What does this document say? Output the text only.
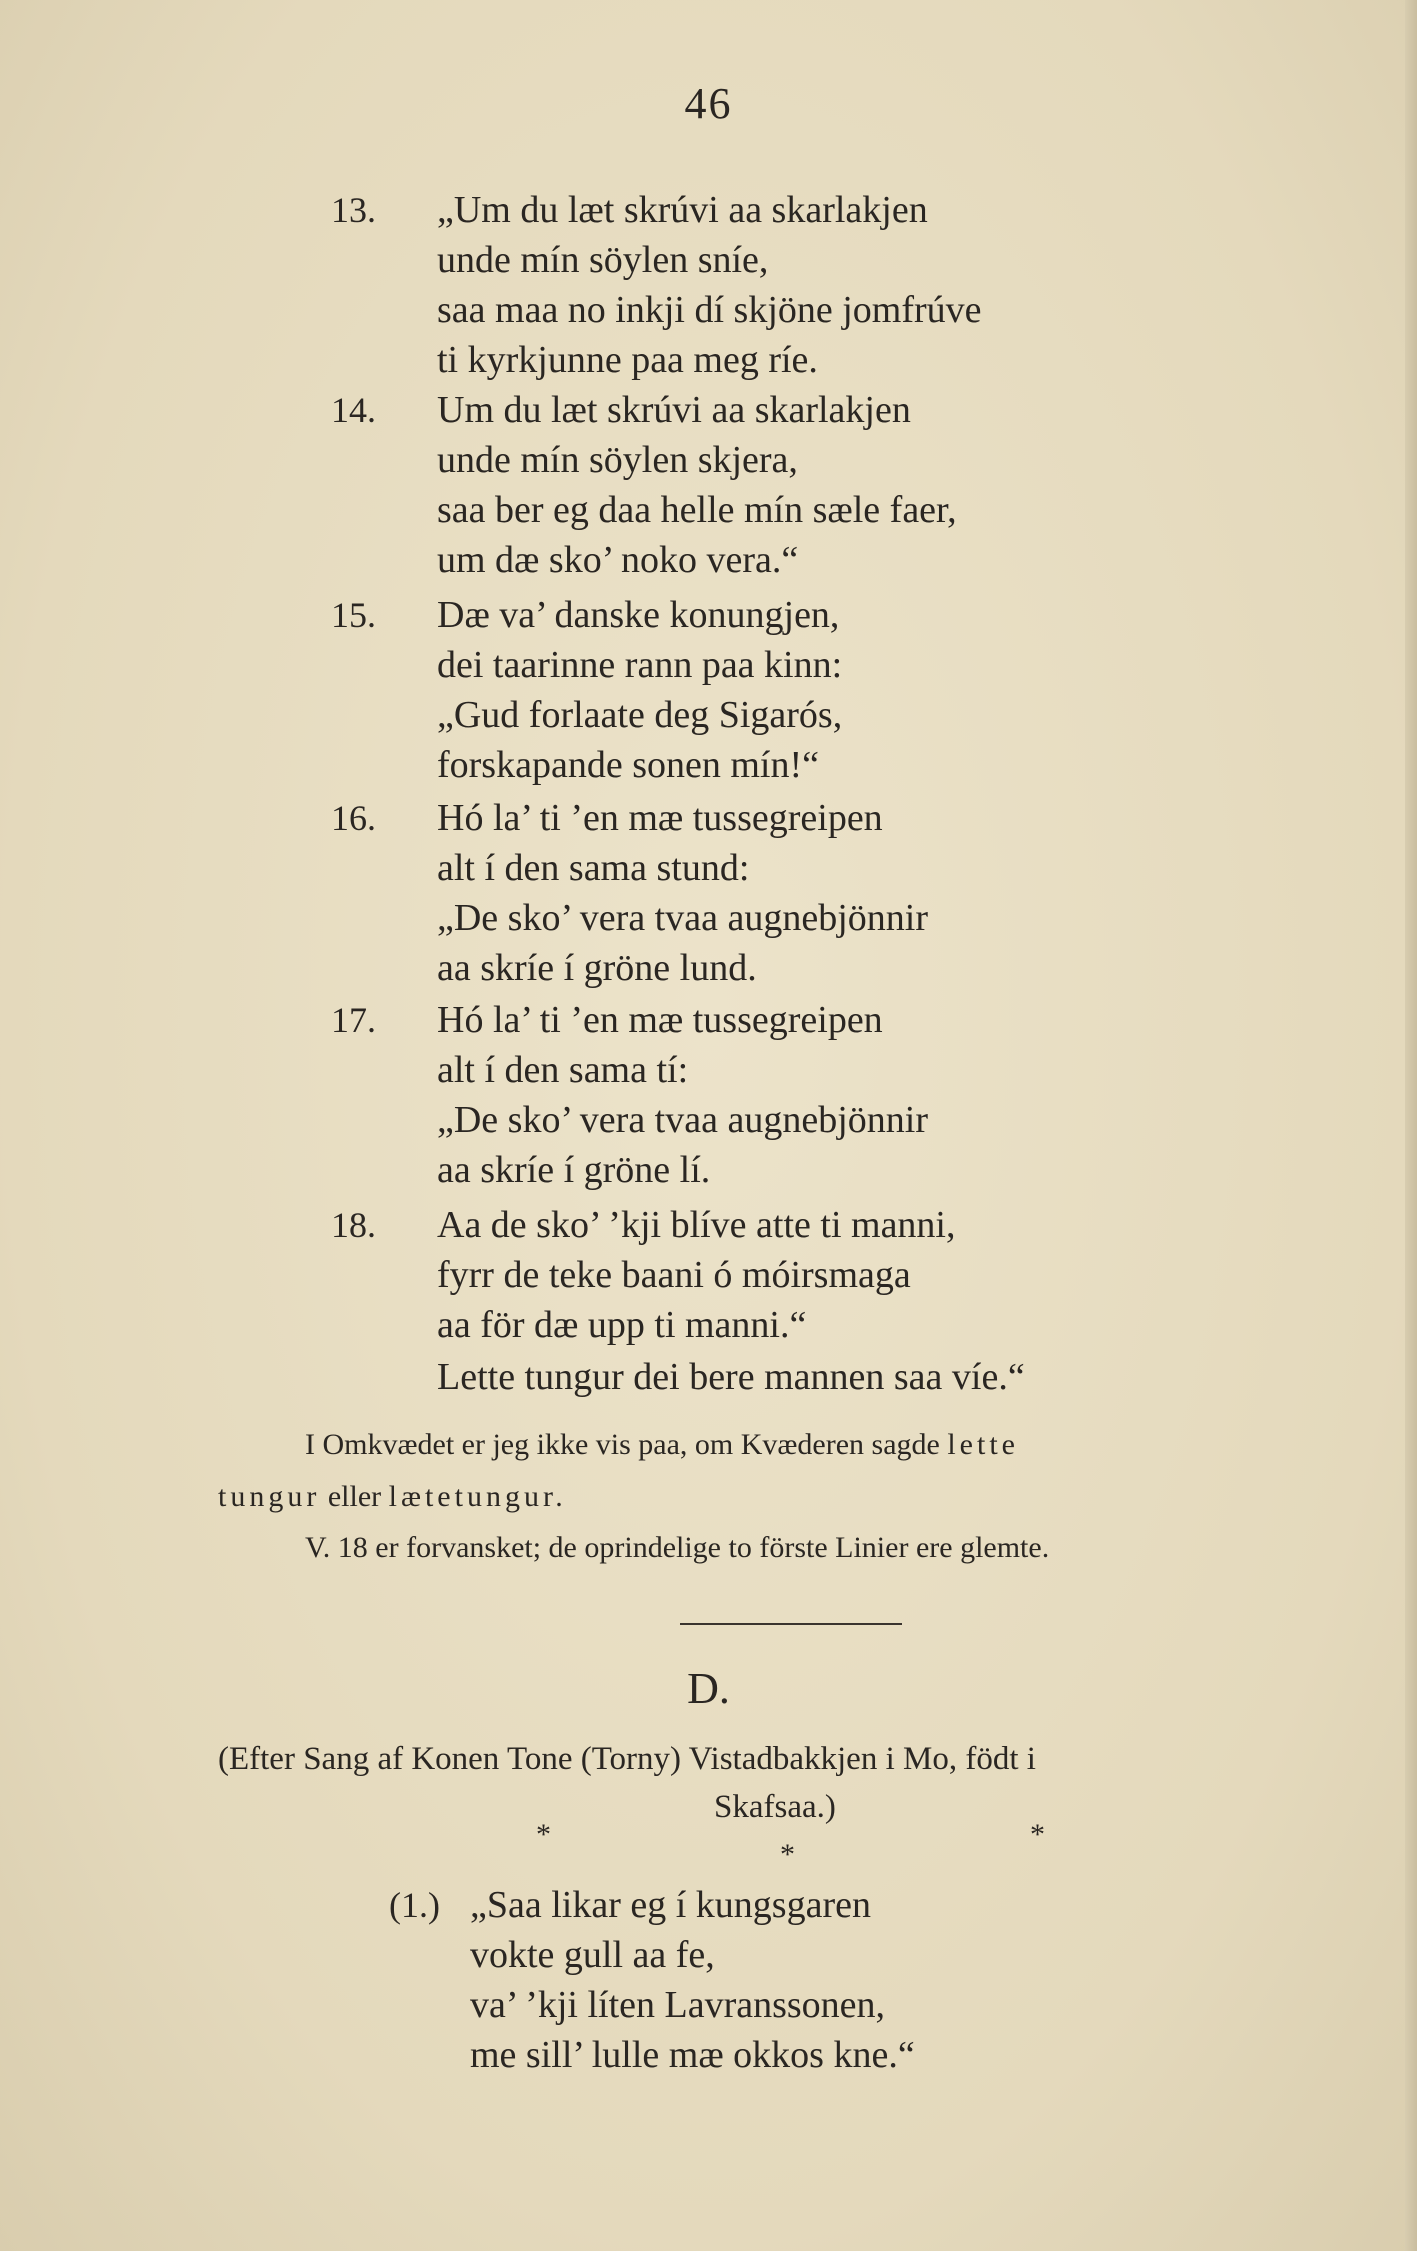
46
13. „Um du læt skrúvi aa skarlakjen
unde mín söylen sníe,
saa maa no inkji dí skjöne jomfrúve
ti kyrkjunne paa meg ríe.
14. Um du læt skrúvi aa skarlakjen
unde mín söylen skjera,
saa ber eg daa helle mín sæle faer,
um dæ sko’ noko vera.“
15. Dæ va’ danske konungjen,
dei taarinne rann paa kinn:
„Gud forlaate deg Sigarós,
forskapande sonen mín!“
16. Hó la’ ti ’en mæ tussegreipen
alt í den sama stund:
„De sko’ vera tvaa augnebjönnir
aa skríe í gröne lund.
17. Hó la’ ti ’en mæ tussegreipen
alt í den sama tí:
„De sko’ vera tvaa augnebjönnir
aa skríe í gröne lí.
18. Aa de sko’ ’kji blíve atte ti manni,
fyrr de teke baani ó móirsmaga
aa för dæ upp ti manni.“
Lette tungur dei bere mannen saa víe.“
I Omkvædet er jeg ikke vis paa, om Kvæderen sagde lette
tungur eller lætetungur.
V. 18 er forvansket; de oprindelige to förste Linier ere glemte.
D.
(Efter Sang af Konen Tone (Torny) Vistadbakkjen i Mo, födt i
Skafsaa.)
*
*
*
(1.) „Saa likar eg í kungsgaren
vokte gull aa fe,
va’ ’kji líten Lavranssonen,
me sill’ lulle mæ okkos kne.“
